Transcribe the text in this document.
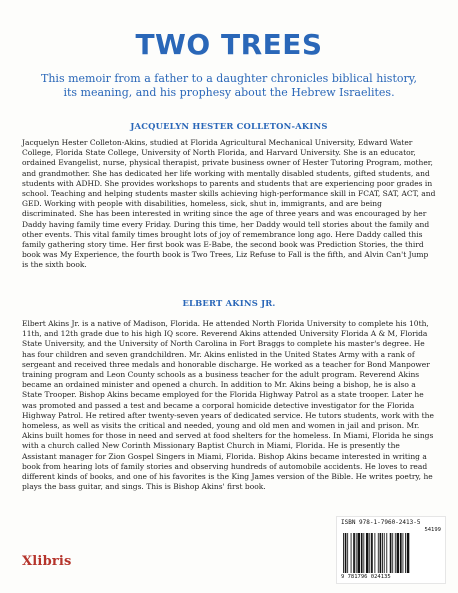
TWO TREES

This memoir from a father to a daughter chronicles biblical history, its meaning, and his prophesy about the Hebrew Israelites.

JACQUELYN HESTER COLLETON-AKINS

Jacquelyn Hester Colleton-Akins, studied at Florida Agricultural Mechanical University, Edward Water College, Florida State College, University of North Florida, and Harvard University. She is an educator, ordained Evangelist, nurse, physical therapist, private business owner of Hester Tutoring Program, mother, and grandmother. She has dedicated her life working with mentally disabled students, gifted students, and students with ADHD. She provides workshops to parents and students that are experiencing poor grades in school. Teaching and helping students master skills achieving high-performance skill in FCAT, SAT, ACT, and GED. Working with people with disabilities, homeless, sick, shut in, immigrants, and are being discriminated. She has been interested in writing since the age of three years and was encouraged by her Daddy having family time every Friday. During this time, her Daddy would tell stories about the family and other events. This vital family times brought lots of joy of remembrance long ago. Here Daddy called this family gathering story time. Her first book was E-Babe, the second book was Prediction Stories, the third book was My Experience, the fourth book is Two Trees, Liz Refuse to Fall is the fifth, and Alvin Can't Jump is the sixth book.

ELBERT AKINS JR.

Elbert Akins Jr. is a native of Madison, Florida. He attended North Florida University to complete his 10th, 11th, and 12th grade due to his high IQ score. Reverend Akins attended University Florida A & M, Florida State University, and the University of North Carolina in Fort Braggs to complete his master's degree. He has four children and seven grandchildren. Mr. Akins enlisted in the United States Army with a rank of sergeant and received three medals and honorable discharge. He worked as a teacher for Bond Manpower training program and Leon County schools as a business teacher for the adult program. Reverend Akins became an ordained minister and opened a church. In addition to Mr. Akins being a bishop, he is also a State Trooper. Bishop Akins became employed for the Florida Highway Patrol as a state trooper. Later he was promoted and passed a test and became a corporal homicide detective investigator for the Florida Highway Patrol. He retired after twenty-seven years of dedicated service. He tutors students, work with the homeless, as well as visits the critical and needed, young and old men and women in jail and prison. Mr. Akins built homes for those in need and served at food shelters for the homeless. In Miami, Florida he sings with a church called New Corinth Missionary Baptist Church in Miami, Florida. He is presently the Assistant manager for Zion Gospel Singers in Miami, Florida. Bishop Akins became interested in writing a book from hearing lots of family stories and observing hundreds of automobile accidents. He loves to read different kinds of books, and one of his favorites is the King James version of the Bible. He writes poetry, he plays the bass guitar, and sings. This is Bishop Akins' first book.

Xlibris
ISBN 978-1-7960-2413-5
54199
9 781796 024135
